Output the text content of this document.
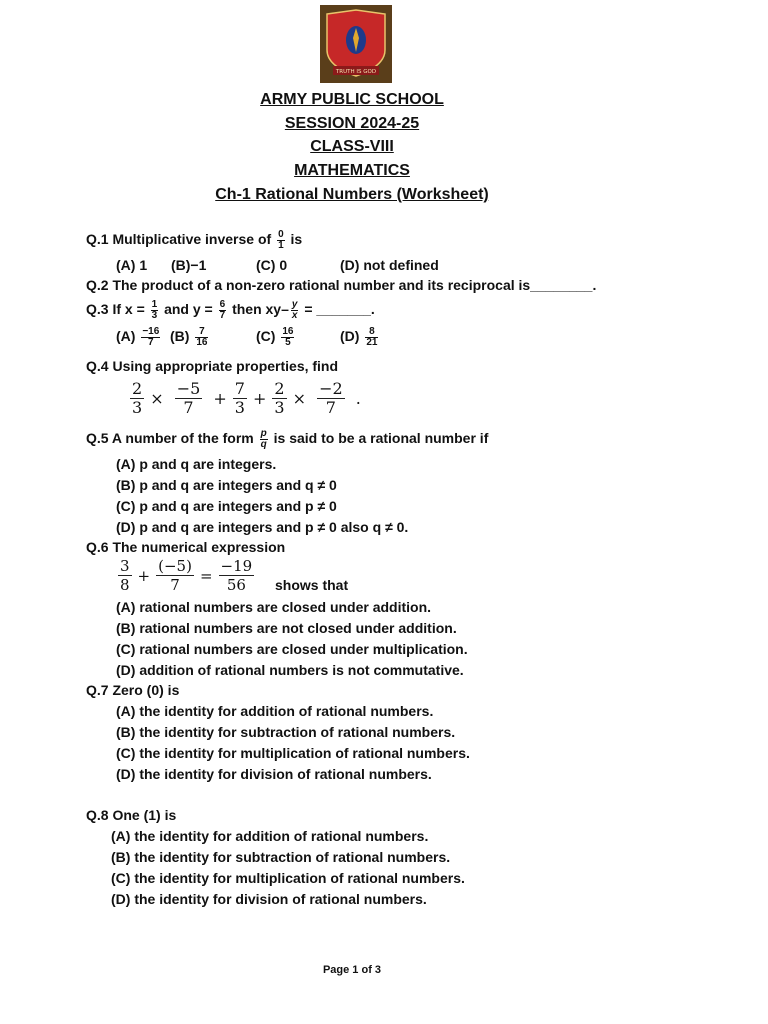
TRUTH IS GOD
ARMY PUBLIC SCHOOL
SESSION 2024-25
CLASS-VIII
MATHEMATICS
Ch-1 Rational Numbers (Worksheet)
Q.1 Multiplicative inverse of $\frac{0}{1}$ is
(A) 1 (B)−1	(C) 0	(D) not defined
Q.2 The product of a non-zero rational number and its reciprocal is________.
Q.3 If $x = \frac{1}{3}$ and $y = \frac{6}{7}$ then $xy- \frac{y}{x}$ = _______.
$(A) \frac{-16}{7} (B) \frac{7}{16}$	$(C) \frac{16}{5}$	$(D) \frac{8}{21}$
Q.4 Using appropriate properties, find
$\frac{2}{3} \times \frac{-5}{7} + \frac{7}{3} + \frac{2}{3} \times \frac{-2}{7}$ .
Q.5 A number of the form $\frac{p}{q}$ is said to be a rational number if
(A) p and q are integers.
(B) p and q are integers and q ≠ 0
(C) p and q are integers and p ≠ 0
(D) p and q are integers and p ≠ 0 also q ≠ 0.
Q.6 The numerical expression
$\frac{3}{8} + \frac{(-5)}{7} = \frac{-19}{56}$ shows that
(A) rational numbers are closed under addition.
(B) rational numbers are not closed under addition.
(C) rational numbers are closed under multiplication.
(D) addition of rational numbers is not commutative.
Q.7 Zero (0) is
(A) the identity for addition of rational numbers.
(B) the identity for subtraction of rational numbers.
(C) the identity for multiplication of rational numbers.
(D) the identity for division of rational numbers.
Q.8 One (1) is
(A) the identity for addition of rational numbers.
(B) the identity for subtraction of rational numbers.
(C) the identity for multiplication of rational numbers.
(D) the identity for division of rational numbers.
Page 1 of 3
